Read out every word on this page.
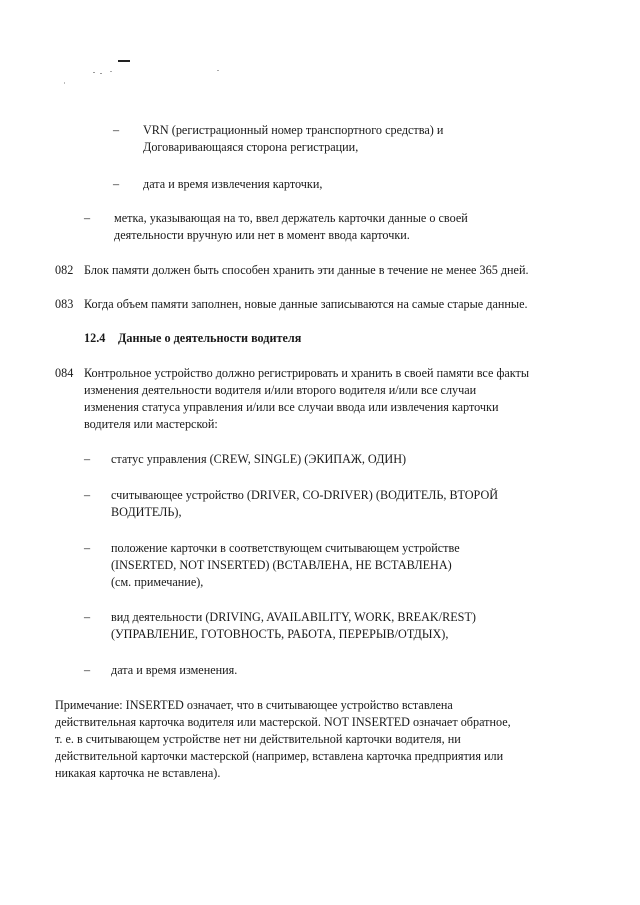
– VRN (регистрационный номер транспортного средства) и
Договаривающаяся сторона регистрации,
– дата и время извлечения карточки,
– метка, указывающая на то, ввел держатель карточки данные о своей
деятельности вручную или нет в момент ввода карточки.
082 Блок памяти должен быть способен хранить эти данные в течение не менее 365 дней.
083 Когда объем памяти заполнен, новые данные записываются на самые старые данные.
12.4 Данные о деятельности водителя
084 Контрольное устройство должно регистрировать и хранить в своей памяти все факты
изменения деятельности водителя и/или второго водителя и/или все случаи
изменения статуса управления и/или все случаи ввода или извлечения карточки
водителя или мастерской:
– статус управления (CREW, SINGLE) (ЭКИПАЖ, ОДИН)
– считывающее устройство (DRIVER, CO-DRIVER) (ВОДИТЕЛЬ, ВТОРОЙ
ВОДИТЕЛЬ),
– положение карточки в соответствующем считывающем устройстве
(INSERTED, NOT INSERTED) (ВСТАВЛЕНА, НЕ ВСТАВЛЕНА)
(см. примечание),
– вид деятельности (DRIVING, AVAILABILITY, WORK, BREAK/REST)
(УПРАВЛЕНИЕ, ГОТОВНОСТЬ, РАБОТА, ПЕРЕРЫВ/ОТДЫХ),
– дата и время изменения.
Примечание: INSERTED означает, что в считывающее устройство вставлена
действительная карточка водителя или мастерской. NOT INSERTED означает обратное,
т. е. в считывающем устройстве нет ни действительной карточки водителя, ни
действительной карточки мастерской (например, вставлена карточка предприятия или
никакая карточка не вставлена).
